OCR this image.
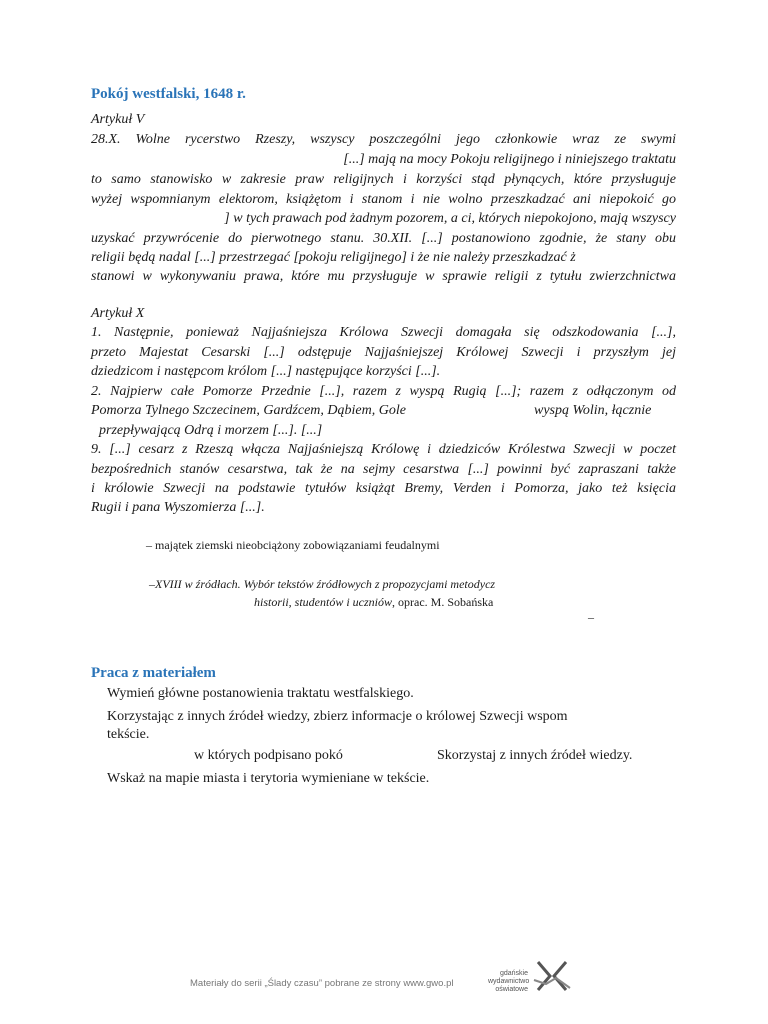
Pokój westfalski, 1648 r.
Artykuł V
28.X. Wolne rycerstwo Rzeszy, wszyscy poszczególni jego członkowie wraz ze swymi
[...] mają na mocy Pokoju religijnego i niniejszego traktatu
to samo stanowisko w zakresie praw religijnych i korzyści stąd płynących, które przysługuje
wyżej wspomnianym elektorom, książętom i stanom i nie wolno przeszkadzać ani niepokoić go
] w tych prawach pod żadnym pozorem, a ci, których niepokojono, mają wszyscy
uzyskać przywrócenie do pierwotnego stanu. 30.XII. [...] postanowiono zgodnie, że stany obu
religii będą nadal [...] przestrzegać [pokoju religijnego] i że nie należy przeszkadzać ż
stanowi w wykonywaniu prawa, które mu przysługuje w sprawie religii z tytułu zwierzchnictwa
Artykuł X
1. Następnie, ponieważ Najjaśniejsza Królowa Szwecji domagała się odszkodowania [...],
przeto Majestat Cesarski [...] odstępuje Najjaśniejszej Królowej Szwecji i przyszłym jej
dziedzicom i następcom królom [...] następujące korzyści [...].
2. Najpierw całe Pomorze Przednie [...], razem z wyspą Rugią [...]; razem z odłączonym od
Pomorza Tylnego Szczecinem, Gardźcem, Dąbiem, Gole	wyspą Wolin, łącznie
przepływającą Odrą i morzem [...]. [...]
9. [...] cesarz z Rzeszą włącza Najjaśniejszą Królowę i dziedziców Królestwa Szwecji w poczet
bezpośrednich stanów cesarstwa, tak że na sejmy cesarstwa [...] powinni być zapraszani także
i królowie Szwecji na podstawie tytułów książąt Bremy, Verden i Pomorza, jako też księcia
Rugii i pana Wyszomierza [...].
– majątek ziemski nieobciążony zobowiązaniami feudalnymi
–XVIII w źródłach. Wybór tekstów źródłowych z propozycjami metodycz
historii, studentów i uczniów, oprac. M. Sobańska
–
Praca z materiałem
Wymień główne postanowienia traktatu westfalskiego.
Korzystając z innych źródeł wiedzy, zbierz informacje o królowej Szwecji wspom
tekście.
w których podpisano pokó	Skorzystaj z innych źródeł wiedzy.
Wskaż na mapie miasta i terytoria wymieniane w tekście.
Materiały do serii „Ślady czasu” pobrane ze strony www.gwo.pl
gdańskie
wydawnictwo
oświatowe
